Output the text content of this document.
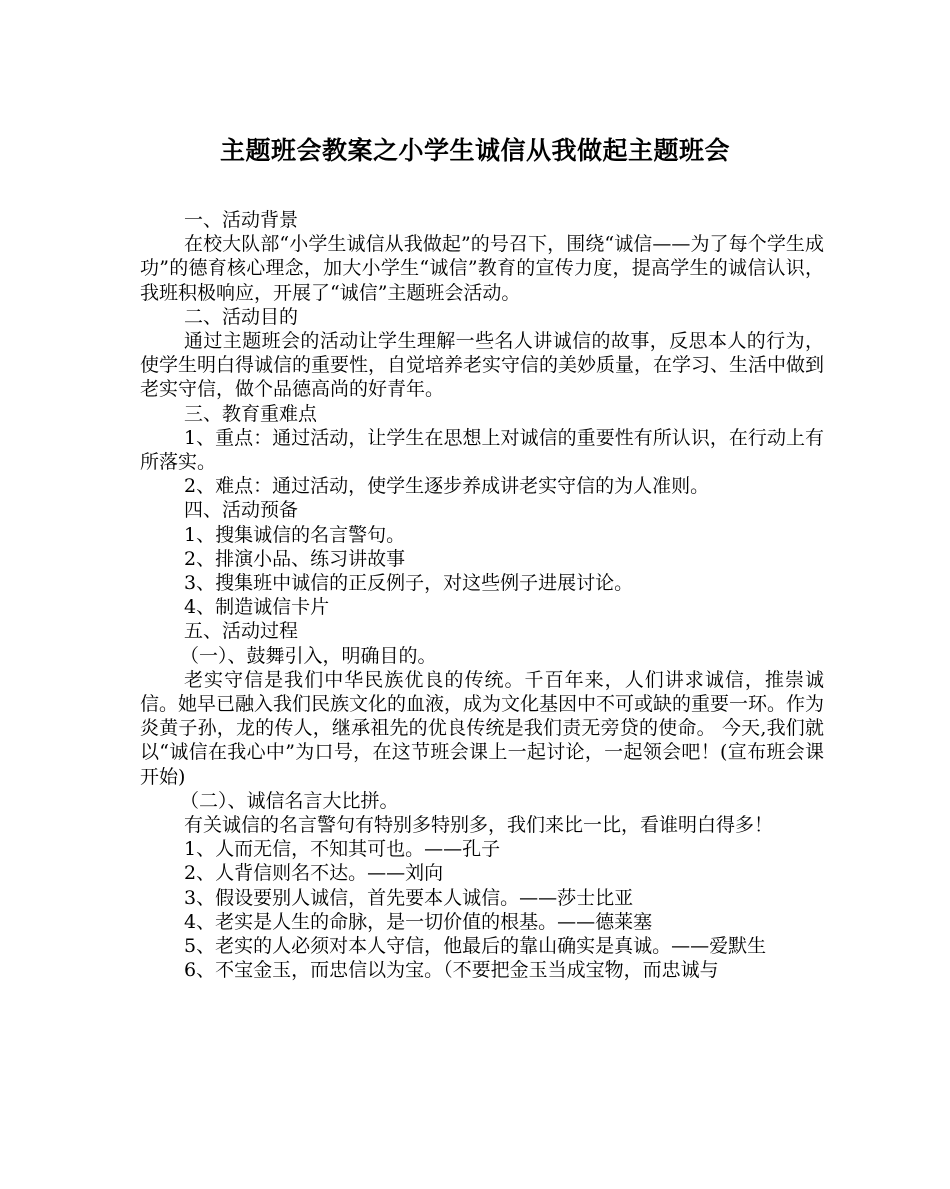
主题班会教案之小学生诚信从我做起主题班会

一、活动背景

在校大队部“小学生诚信从我做起”的号召下，围绕“诚信——为了每个学生成功”的德育核心理念，加大小学生“诚信”教育的宣传力度，提高学生的诚信认识，我班积极响应，开展了“诚信”主题班会活动。

二、活动目的

通过主题班会的活动让学生理解一些名人讲诚信的故事，反思本人的行为，使学生明白得诚信的重要性，自觉培养老实守信的美妙质量，在学习、生活中做到老实守信，做个品德高尚的好青年。

三、教育重难点

1、重点：通过活动，让学生在思想上对诚信的重要性有所认识，在行动上有所落实。

2、难点：通过活动，使学生逐步养成讲老实守信的为人准则。

四、活动预备

1、搜集诚信的名言警句。

2、排演小品、练习讲故事

3、搜集班中诚信的正反例子，对这些例子进展讨论。

4、制造诚信卡片

五、活动过程

（一）、鼓舞引入，明确目的。

老实守信是我们中华民族优良的传统。千百年来，人们讲求诚信，推崇诚信。她早已融入我们民族文化的血液，成为文化基因中不可或缺的重要一环。作为炎黄子孙，龙的传人，继承祖先的优良传统是我们责无旁贷的使命。 今天,我们就以“诚信在我心中”为口号，在这节班会课上一起讨论，一起领会吧！(宣布班会课开始)

（二）、诚信名言大比拼。

有关诚信的名言警句有特别多特别多，我们来比一比，看谁明白得多！

1、人而无信，不知其可也。——孔子

2、人背信则名不达。——刘向

3、假设要别人诚信，首先要本人诚信。——莎士比亚

4、老实是人生的命脉，是一切价值的根基。——德莱塞

5、老实的人必须对本人守信，他最后的靠山确实是真诚。——爱默生

6、不宝金玉，而忠信以为宝。（不要把金玉当成宝物，而忠诚与
